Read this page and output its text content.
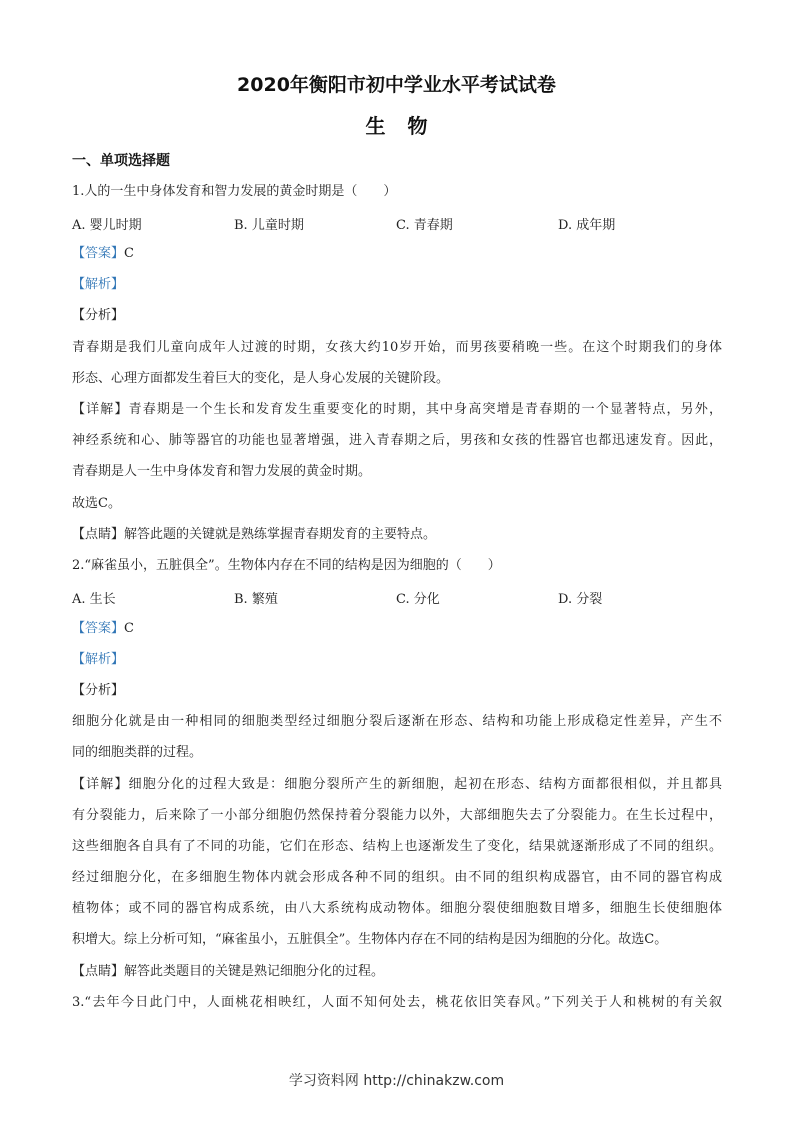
2020年衡阳市初中学业水平考试试卷
生物
一、单项选择题
1.人的一生中身体发育和智力发展的黄金时期是（　　）
A. 婴儿时期	B. 儿童时期	C. 青春期	D. 成年期
【答案】C
【解析】
【分析】
青春期是我们儿童向成年人过渡的时期，女孩大约10岁开始，而男孩要稍晚一些。在这个时期我们的身体
形态、心理方面都发生着巨大的变化，是人身心发展的关键阶段。
【详解】青春期是一个生长和发育发生重要变化的时期，其中身高突增是青春期的一个显著特点，另外，
神经系统和心、肺等器官的功能也显著增强，进入青春期之后，男孩和女孩的性器官也都迅速发育。因此，
青春期是人一生中身体发育和智力发展的黄金时期。
故选C。
【点睛】解答此题的关键就是熟练掌握青春期发育的主要特点。
2.“麻雀虽小，五脏俱全”。生物体内存在不同的结构是因为细胞的（　　）
A. 生长	B. 繁殖	C. 分化	D. 分裂
【答案】C
【解析】
【分析】
细胞分化就是由一种相同的细胞类型经过细胞分裂后逐渐在形态、结构和功能上形成稳定性差异，产生不
同的细胞类群的过程。
【详解】细胞分化的过程大致是：细胞分裂所产生的新细胞，起初在形态、结构方面都很相似，并且都具
有分裂能力，后来除了一小部分细胞仍然保持着分裂能力以外，大部细胞失去了分裂能力。在生长过程中，
这些细胞各自具有了不同的功能，它们在形态、结构上也逐渐发生了变化，结果就逐渐形成了不同的组织。
经过细胞分化，在多细胞生物体内就会形成各种不同的组织。由不同的组织构成器官，由不同的器官构成
植物体；或不同的器官构成系统，由八大系统构成动物体。细胞分裂使细胞数目增多，细胞生长使细胞体
积增大。综上分析可知，“麻雀虽小，五脏俱全”。生物体内存在不同的结构是因为细胞的分化。故选C。
【点睛】解答此类题目的关键是熟记细胞分化的过程。
3.“去年今日此门中，人面桃花相映红，人面不知何处去，桃花依旧笑春风。”下列关于人和桃树的有关叙
学习资料网 http://chinakzw.com
